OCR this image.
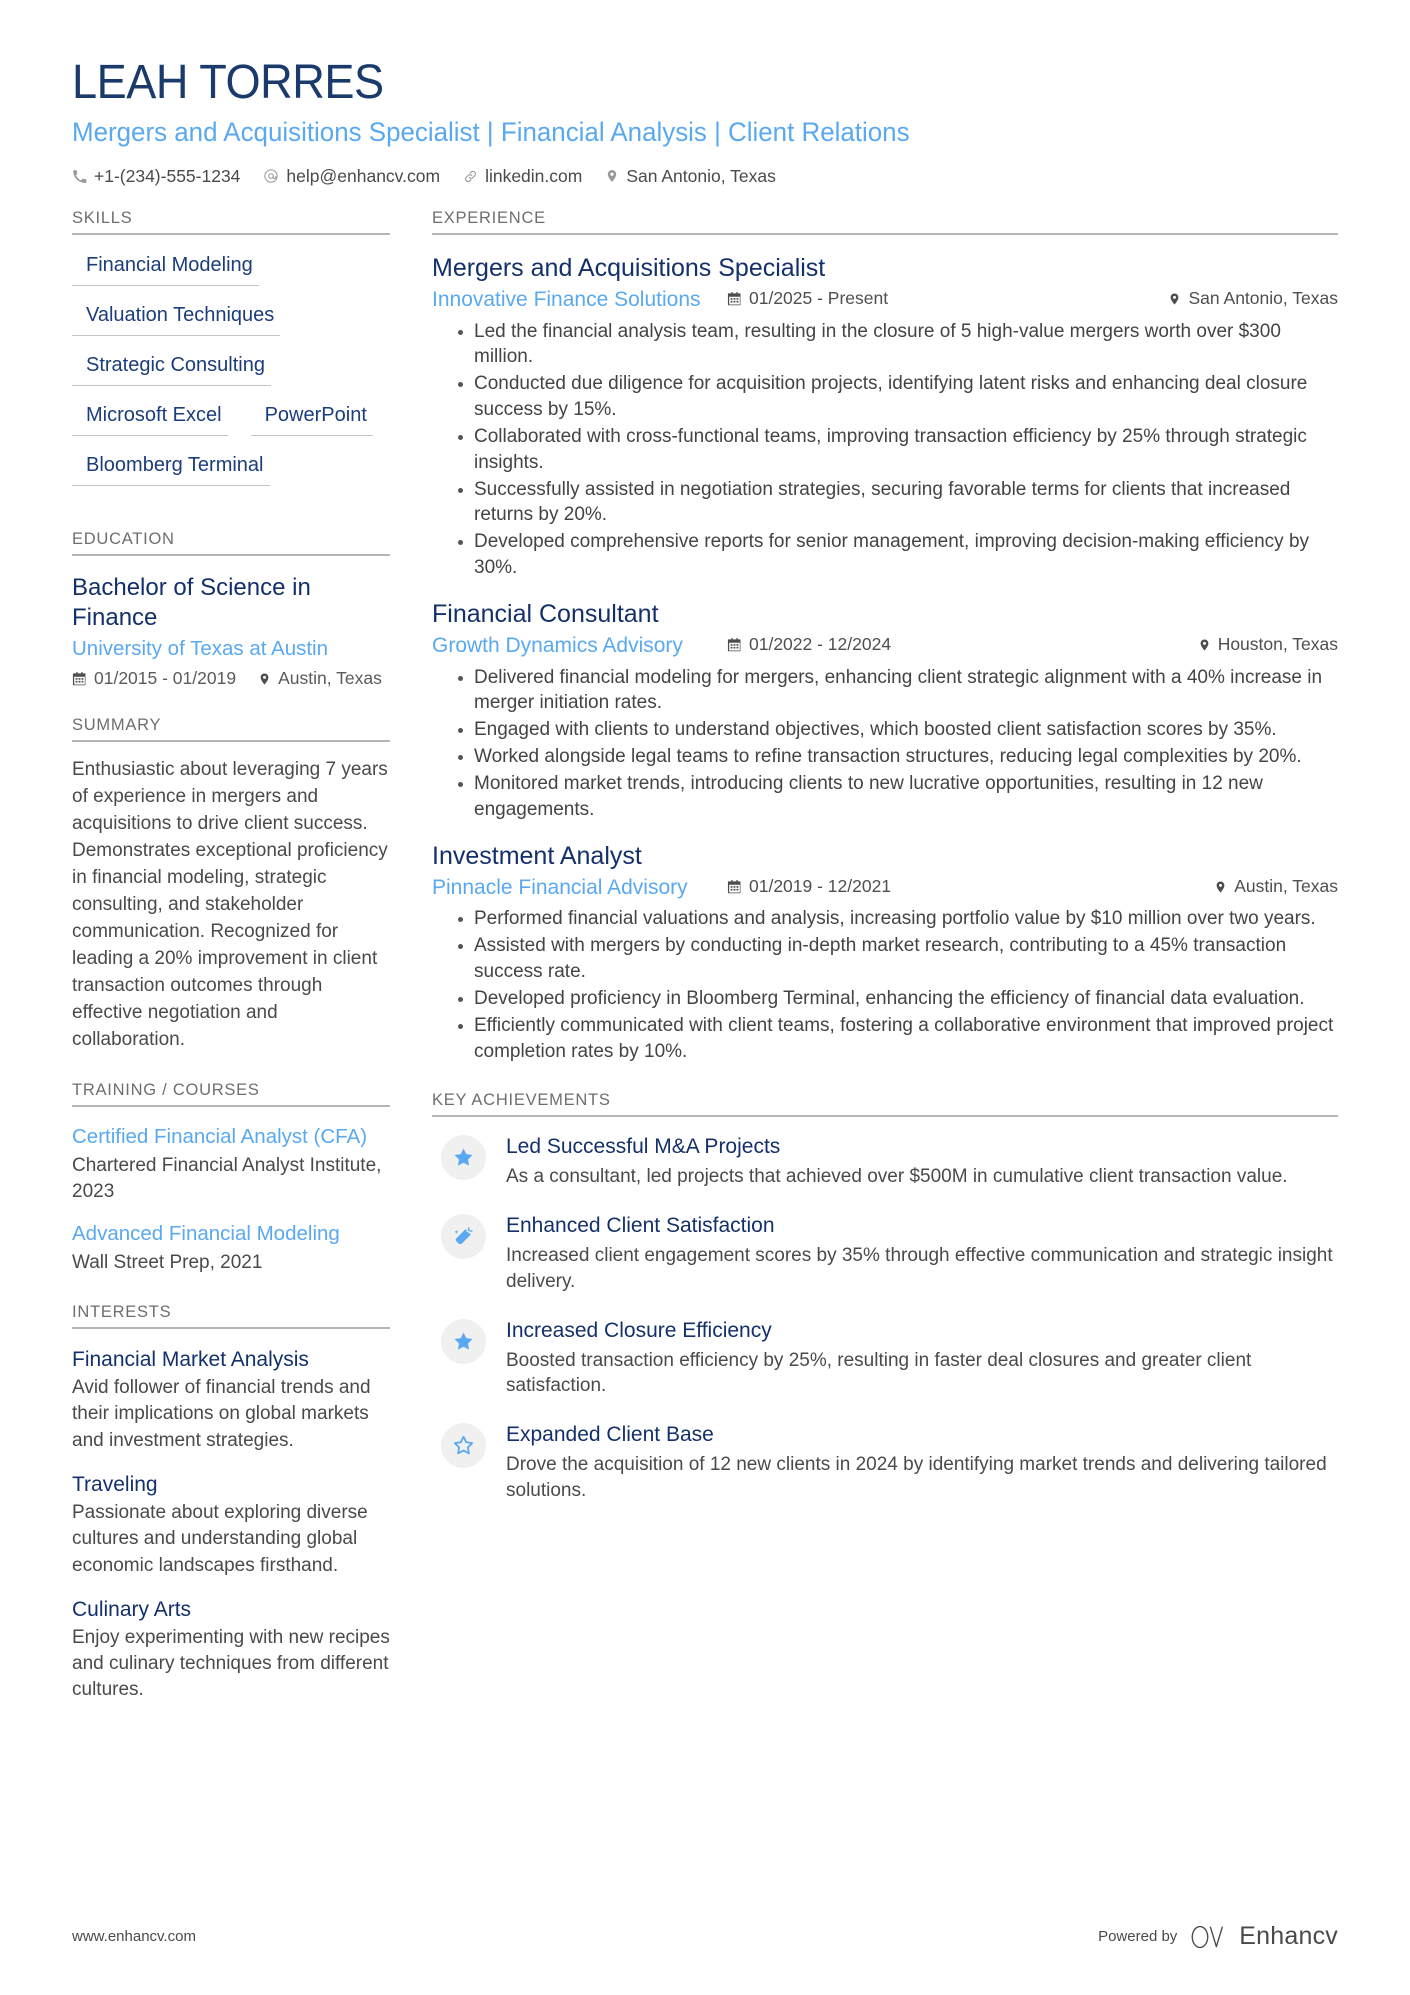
LEAH TORRES
Mergers and Acquisitions Specialist | Financial Analysis | Client Relations
+1-(234)-555-1234	help@enhancv.com	linkedin.com	San Antonio, Texas
SKILLS
Financial Modeling
Valuation Techniques
Strategic Consulting
Microsoft Excel	PowerPoint
Bloomberg Terminal
EDUCATION
Bachelor of Science in Finance
University of Texas at Austin
01/2015 - 01/2019 Austin, Texas
SUMMARY
Enthusiastic about leveraging 7 years of experience in mergers and acquisitions to drive client success. Demonstrates exceptional proficiency in financial modeling, strategic consulting, and stakeholder communication. Recognized for leading a 20% improvement in client transaction outcomes through effective negotiation and collaboration.
TRAINING / COURSES
Certified Financial Analyst (CFA)
Chartered Financial Analyst Institute, 2023
Advanced Financial Modeling
Wall Street Prep, 2021
INTERESTS
Financial Market Analysis
Avid follower of financial trends and their implications on global markets and investment strategies.
Traveling
Passionate about exploring diverse cultures and understanding global economic landscapes firsthand.
Culinary Arts
Enjoy experimenting with new recipes and culinary techniques from different cultures.
EXPERIENCE
Mergers and Acquisitions Specialist
Innovative Finance Solutions	01/2025 - Present	San Antonio, Texas
Led the financial analysis team, resulting in the closure of 5 high-value mergers worth over $300 million.
Conducted due diligence for acquisition projects, identifying latent risks and enhancing deal closure success by 15%.
Collaborated with cross-functional teams, improving transaction efficiency by 25% through strategic insights.
Successfully assisted in negotiation strategies, securing favorable terms for clients that increased returns by 20%.
Developed comprehensive reports for senior management, improving decision-making efficiency by 30%.
Financial Consultant
Growth Dynamics Advisory	01/2022 - 12/2024	Houston, Texas
Delivered financial modeling for mergers, enhancing client strategic alignment with a 40% increase in merger initiation rates.
Engaged with clients to understand objectives, which boosted client satisfaction scores by 35%.
Worked alongside legal teams to refine transaction structures, reducing legal complexities by 20%.
Monitored market trends, introducing clients to new lucrative opportunities, resulting in 12 new engagements.
Investment Analyst
Pinnacle Financial Advisory	01/2019 - 12/2021	Austin, Texas
Performed financial valuations and analysis, increasing portfolio value by $10 million over two years.
Assisted with mergers by conducting in-depth market research, contributing to a 45% transaction success rate.
Developed proficiency in Bloomberg Terminal, enhancing the efficiency of financial data evaluation.
Efficiently communicated with client teams, fostering a collaborative environment that improved project completion rates by 10%.
KEY ACHIEVEMENTS
Led Successful M&A Projects
As a consultant, led projects that achieved over $500M in cumulative client transaction value.
Enhanced Client Satisfaction
Increased client engagement scores by 35% through effective communication and strategic insight delivery.
Increased Closure Efficiency
Boosted transaction efficiency by 25%, resulting in faster deal closures and greater client satisfaction.
Expanded Client Base
Drove the acquisition of 12 new clients in 2024 by identifying market trends and delivering tailored solutions.
www.enhancv.com	Powered by Enhancv
